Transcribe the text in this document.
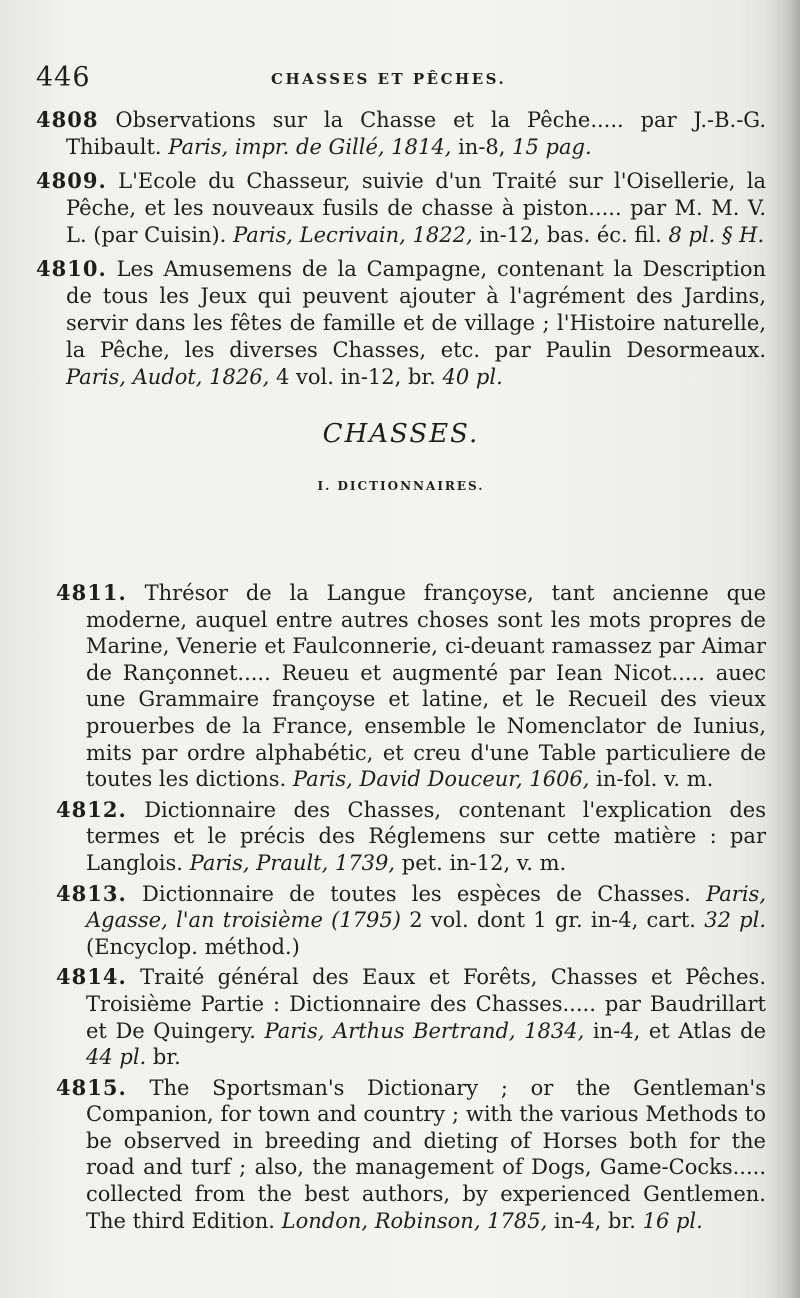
446	CHASSES ET PÊCHES.

4808 Observations sur la Chasse et la Pêche..... par J.-B.-G. Thibault. Paris, impr. de Gillé, 1814, in-8, 15 pag.

4809. L'Ecole du Chasseur, suivie d'un Traité sur l'Oisellerie, la Pêche, et les nouveaux fusils de chasse à piston..... par M. M. V. L. (par Cuisin). Paris, Lecrivain, 1822, in-12, bas. éc. fil. 8 pl. § H.

4810. Les Amusemens de la Campagne, contenant la Description de tous les Jeux qui peuvent ajouter à l'agrément des Jardins, servir dans les fêtes de famille et de village ; l'Histoire naturelle, la Pêche, les diverses Chasses, etc. par Paulin Desormeaux. Paris, Audot, 1826, 4 vol. in-12, br. 40 pl.

CHASSES.
I. DICTIONNAIRES.

4811. Thrésor de la Langue françoyse, tant ancienne que moderne, auquel entre autres choses sont les mots propres de Marine, Venerie et Faulconnerie, ci-deuant ramassez par Aimar de Rançonnet..... Reueu et augmenté par Iean Nicot..... auec une Grammaire françoyse et latine, et le Recueil des vieux prouerbes de la France, ensemble le Nomenclator de Iunius, mits par ordre alphabétic, et creu d'une Table particuliere de toutes les dictions. Paris, David Douceur, 1606, in-fol. v. m.

4812. Dictionnaire des Chasses, contenant l'explication des termes et le précis des Réglemens sur cette matière : par Langlois. Paris, Prault, 1739, pet. in-12, v. m.

4813. Dictionnaire de toutes les espèces de Chasses. Paris, Agasse, l'an troisième (1795) 2 vol. dont 1 gr. in-4, cart. 32 pl. (Encyclop. méthod.)

4814. Traité général des Eaux et Forêts, Chasses et Pêches. Troisième Partie : Dictionnaire des Chasses..... par Baudrillart et De Quingery. Paris, Arthus Bertrand, 1834, in-4, et Atlas de 44 pl. br.

4815. The Sportsman's Dictionary ; or the Gentleman's Companion, for town and country ; with the various Methods to be observed in breeding and dieting of Horses both for the road and turf ; also, the management of Dogs, Game-Cocks..... collected from the best authors, by experienced Gentlemen. The third Edition. London, Robinson, 1785, in-4, br. 16 pl.
